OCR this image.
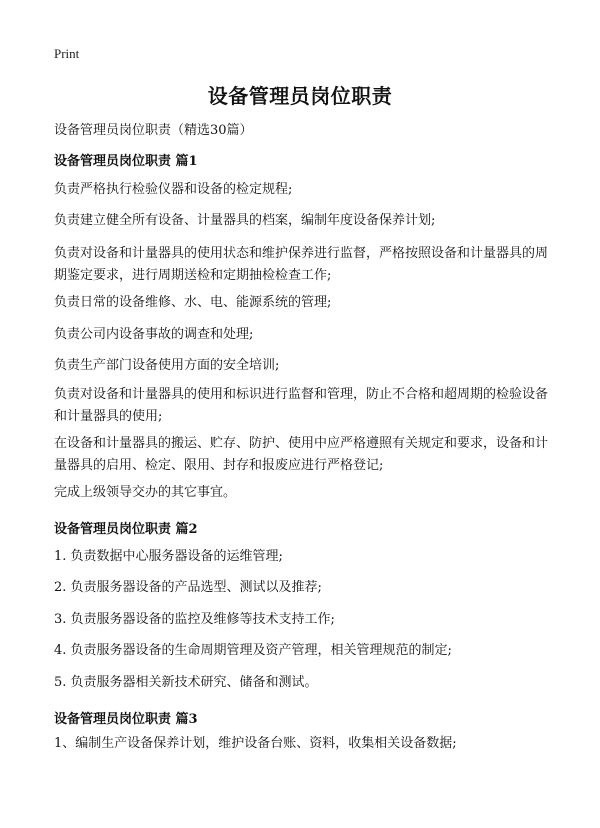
Print
设备管理员岗位职责
设备管理员岗位职责（精选30篇）
设备管理员岗位职责 篇1

负责严格执行检验仪器和设备的检定规程;

负责建立健全所有设备、计量器具的档案，编制年度设备保养计划;

负责对设备和计量器具的使用状态和维护保养进行监督，严格按照设备和计量器具的周期鉴定要求，进行周期送检和定期抽检检查工作;

负责日常的设备维修、水、电、能源系统的管理;

负责公司内设备事故的调查和处理;

负责生产部门设备使用方面的安全培训;

负责对设备和计量器具的使用和标识进行监督和管理，防止不合格和超周期的检验设备和计量器具的使用;

在设备和计量器具的搬运、贮存、防护、使用中应严格遵照有关规定和要求，设备和计量器具的启用、检定、限用、封存和报废应进行严格登记;

完成上级领导交办的其它事宜。

设备管理员岗位职责 篇2

1. 负责数据中心服务器设备的运维管理;

2. 负责服务器设备的产品选型、测试以及推荐;

3. 负责服务器设备的监控及维修等技术支持工作;

4. 负责服务器设备的生命周期管理及资产管理，相关管理规范的制定;

5. 负责服务器相关新技术研究、储备和测试。

设备管理员岗位职责 篇3

1、编制生产设备保养计划，维护设备台账、资料，收集相关设备数据;
